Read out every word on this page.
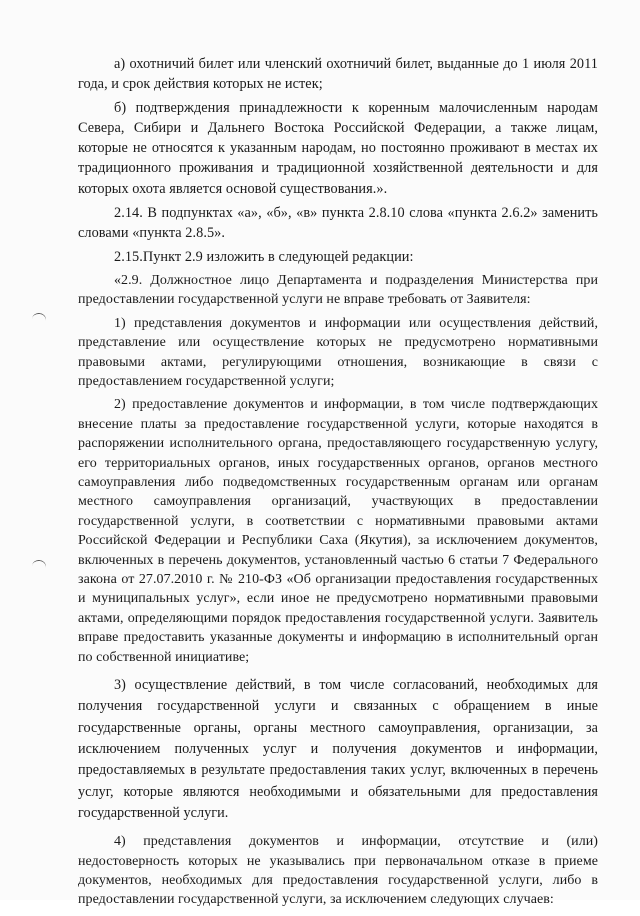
а) охотничий билет или членский охотничий билет, выданные до 1 июля 2011 года, и срок действия которых не истек;

б) подтверждения принадлежности к коренным малочисленным народам Севера, Сибири и Дальнего Востока Российской Федерации, а также лицам, которые не относятся к указанным народам, но постоянно проживают в местах их традиционного проживания и традиционной хозяйственной деятельности и для которых охота является основой существования.».

2.14. В подпунктах «а», «б», «в» пункта 2.8.10 слова «пункта 2.6.2» заменить словами «пункта 2.8.5».

2.15.Пункт 2.9 изложить в следующей редакции:

«2.9. Должностное лицо Департамента и подразделения Министерства при предоставлении государственной услуги не вправе требовать от Заявителя:

1) представления документов и информации или осуществления действий, представление или осуществление которых не предусмотрено нормативными правовыми актами, регулирующими отношения, возникающие в связи с предоставлением государственной услуги;

2) предоставление документов и информации, в том числе подтверждающих внесение платы за предоставление государственной услуги, которые находятся в распоряжении исполнительного органа, предоставляющего государственную услугу, его территориальных органов, иных государственных органов, органов местного самоуправления либо подведомственных государственным органам или органам местного самоуправления организаций, участвующих в предоставлении государственной услуги, в соответствии с нормативными правовыми актами Российской Федерации и Республики Саха (Якутия), за исключением документов, включенных в перечень документов, установленный частью 6 статьи 7 Федерального закона от 27.07.2010 г. № 210-ФЗ «Об организации предоставления государственных и муниципальных услуг», если иное не предусмотрено нормативными правовыми актами, определяющими порядок предоставления государственной услуги. Заявитель вправе предоставить указанные документы и информацию в исполнительный орган по собственной инициативе;

3) осуществление действий, в том числе согласований, необходимых для получения государственной услуги и связанных с обращением в иные государственные органы, органы местного самоуправления, организации, за исключением полученных услуг и получения документов и информации, предоставляемых в результате предоставления таких услуг, включенных в перечень услуг, которые являются необходимыми и обязательными для предоставления государственной услуги.

4) представления документов и информации, отсутствие и (или) недостоверность которых не указывались при первоначальном отказе в приеме документов, необходимых для предоставления государственной услуги, либо в предоставлении государственной услуги, за исключением следующих случаев:
